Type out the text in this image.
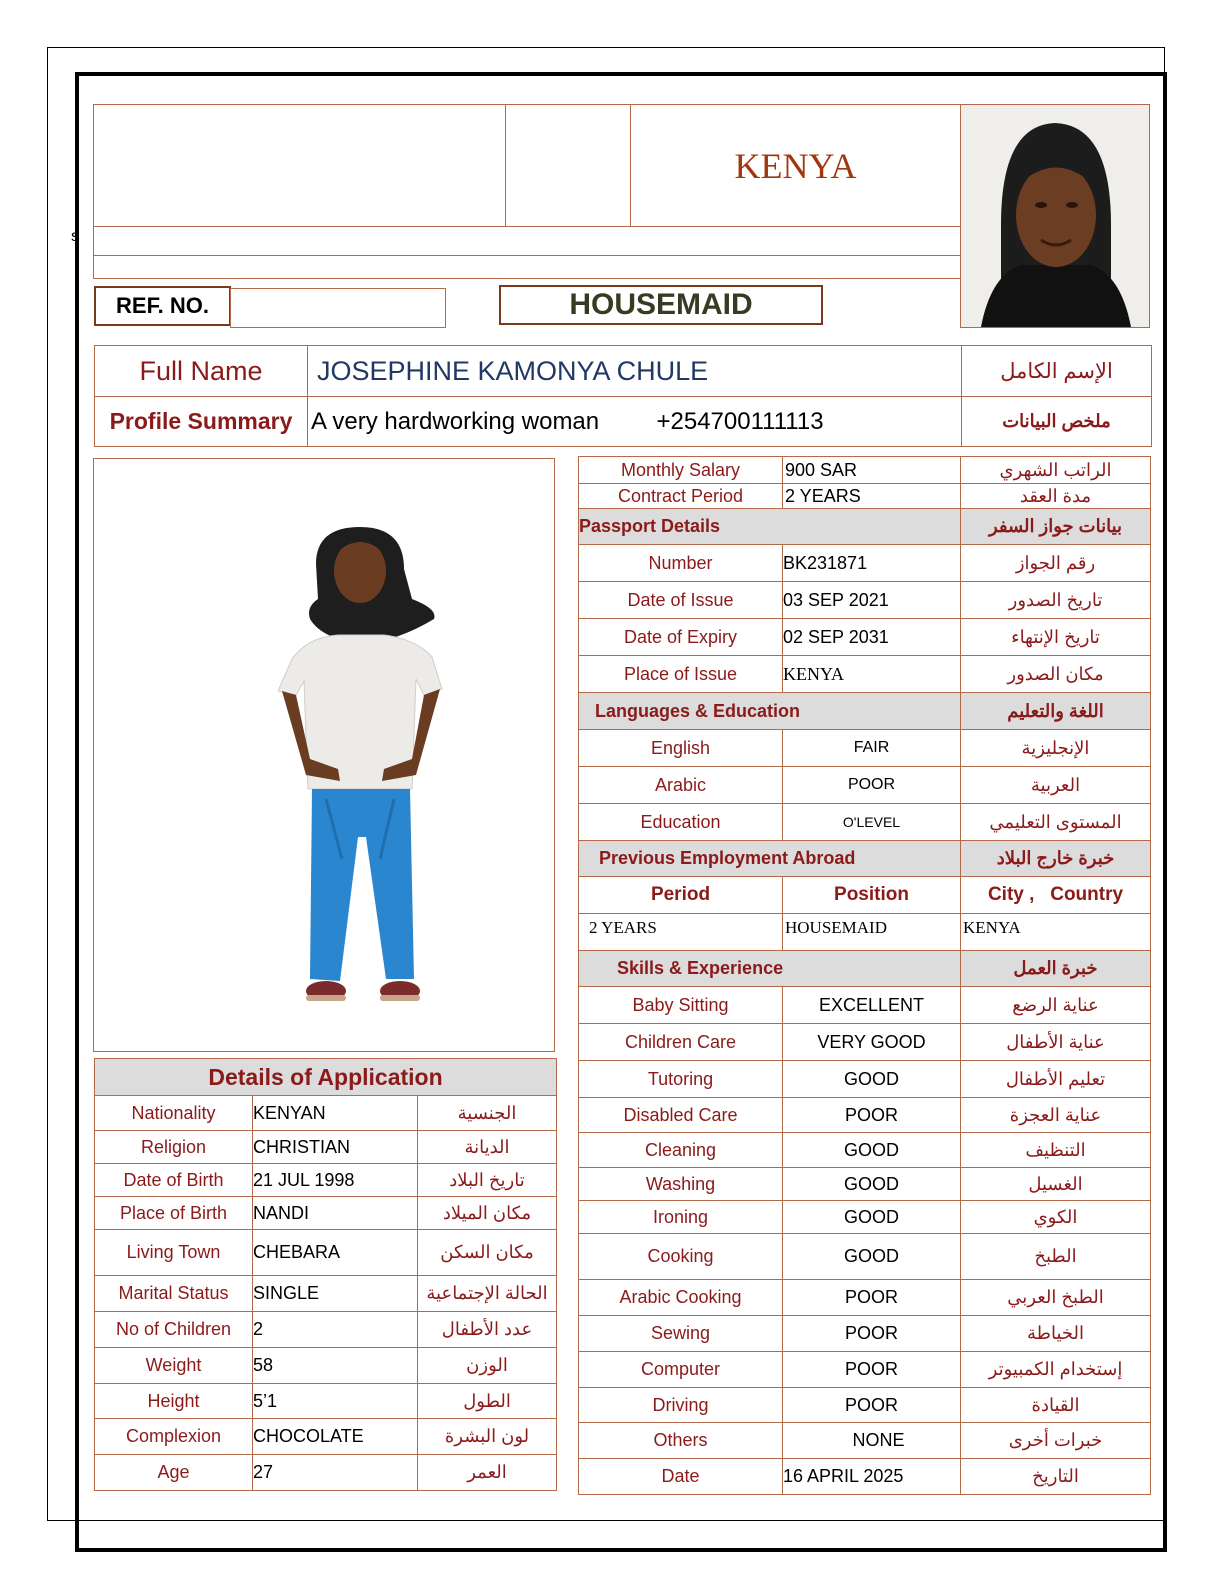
s
KENYA
REF. NO.	HOUSEMAID
Full Name	JOSEPHINE KAMONYA CHULE	الإسم الكامل
Profile Summary	A very hardworking woman +254700111113	ملخص البيانات
Details of Application		
Nationality	KENYAN	الجنسية
Religion	CHRISTIAN	الديانة
Date of Birth	21 JUL 1998	تاريخ البلاد
Place of Birth	NANDI	مكان الميلاد
Living Town	CHEBARA	مكان السكن
Marital Status	SINGLE	الحالة الإجتماعية
No of Children	2	عدد الأطفال
Weight	58	الوزن
Height	5’1	الطول
Complexion	CHOCOLATE	لون البشرة
Age	27	العمر
Monthly Salary	900 SAR	الراتب الشهري
Contract Period	2 YEARS	مدة العقد
Passport Details		بيانات جواز السفر
Number	BK231871	رقم الجواز
Date of Issue	03 SEP 2021	تاريخ الصدور
Date of Expiry	02 SEP 2031	تاريخ الإنتهاء
Place of Issue	KENYA	مكان الصدور
Languages & Education		اللغة والتعليم
English	FAIR	الإنجليزية
Arabic	POOR	العربية
Education	O'LEVEL	المستوى التعليمي
Previous Employment Abroad		خبرة خارج البلاد
Period	Position	City ,   Country
2 YEARS	HOUSEMAID	KENYA
Skills & Experience		خبرة العمل
Baby Sitting	EXCELLENT	عناية الرضع
Children Care	VERY GOOD	عناية الأطفال
Tutoring	GOOD	تعليم الأطفال
Disabled Care	POOR	عناية العجزة
Cleaning	GOOD	التنظيف
Washing	GOOD	الغسيل
Ironing	GOOD	الكوي
Cooking	GOOD	الطبخ
Arabic Cooking	POOR	الطبخ العربي
Sewing	POOR	الخياطة
Computer	POOR	إستخدام الكمبيوتر
Driving	POOR	القيادة
Others	NONE	خبرات أخرى
Date	16 APRIL 2025	التاريخ
